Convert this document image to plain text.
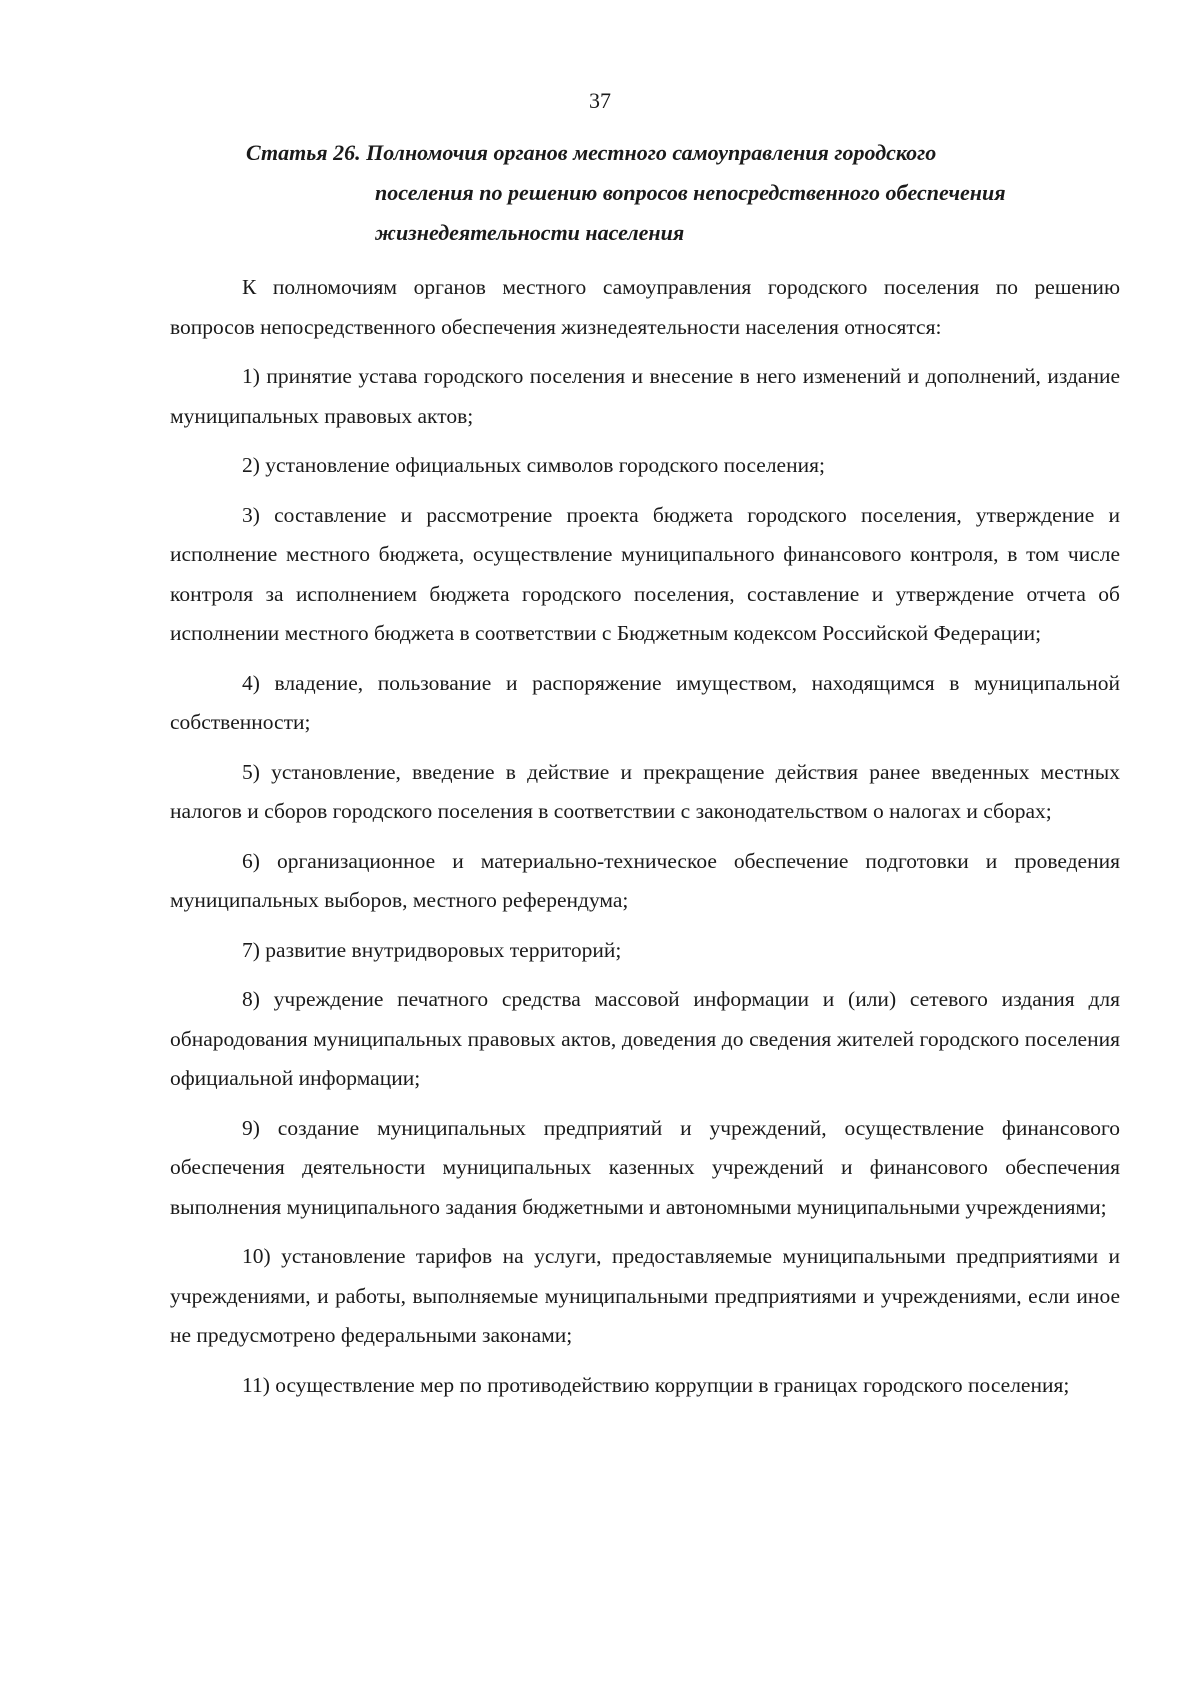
37
Статья 26. Полномочия органов местного самоуправления городского
поселения по решению вопросов непосредственного обеспечения
жизнедеятельности населения

К полномочиям органов местного самоуправления городского поселения по решению вопросов непосредственного обеспечения жизнедеятельности населения относятся:

1) принятие устава городского поселения и внесение в него изменений и дополнений, издание муниципальных правовых актов;

2) установление официальных символов городского поселения;

3) составление и рассмотрение проекта бюджета городского поселения, утверждение и исполнение местного бюджета, осуществление муниципального финансового контроля, в том числе контроля за исполнением бюджета городского поселения, составление и утверждение отчета об исполнении местного бюджета в соответствии с Бюджетным кодексом Российской Федерации;

4) владение, пользование и распоряжение имуществом, находящимся в муниципальной собственности;

5) установление, введение в действие и прекращение действия ранее введенных местных налогов и сборов городского поселения в соответствии с законодательством о налогах и сборах;

6) организационное и материально-техническое обеспечение подготовки и проведения муниципальных выборов, местного референдума;

7) развитие внутридворовых территорий;

8) учреждение печатного средства массовой информации и (или) сетевого издания для обнародования муниципальных правовых актов, доведения до сведения жителей городского поселения официальной информации;

9) создание муниципальных предприятий и учреждений, осуществление финансового обеспечения деятельности муниципальных казенных учреждений и финансового обеспечения выполнения муниципального задания бюджетными и автономными муниципальными учреждениями;

10) установление тарифов на услуги, предоставляемые муниципальными предприятиями и учреждениями, и работы, выполняемые муниципальными предприятиями и учреждениями, если иное не предусмотрено федеральными законами;

11) осуществление мер по противодействию коррупции в границах городского поселения;
